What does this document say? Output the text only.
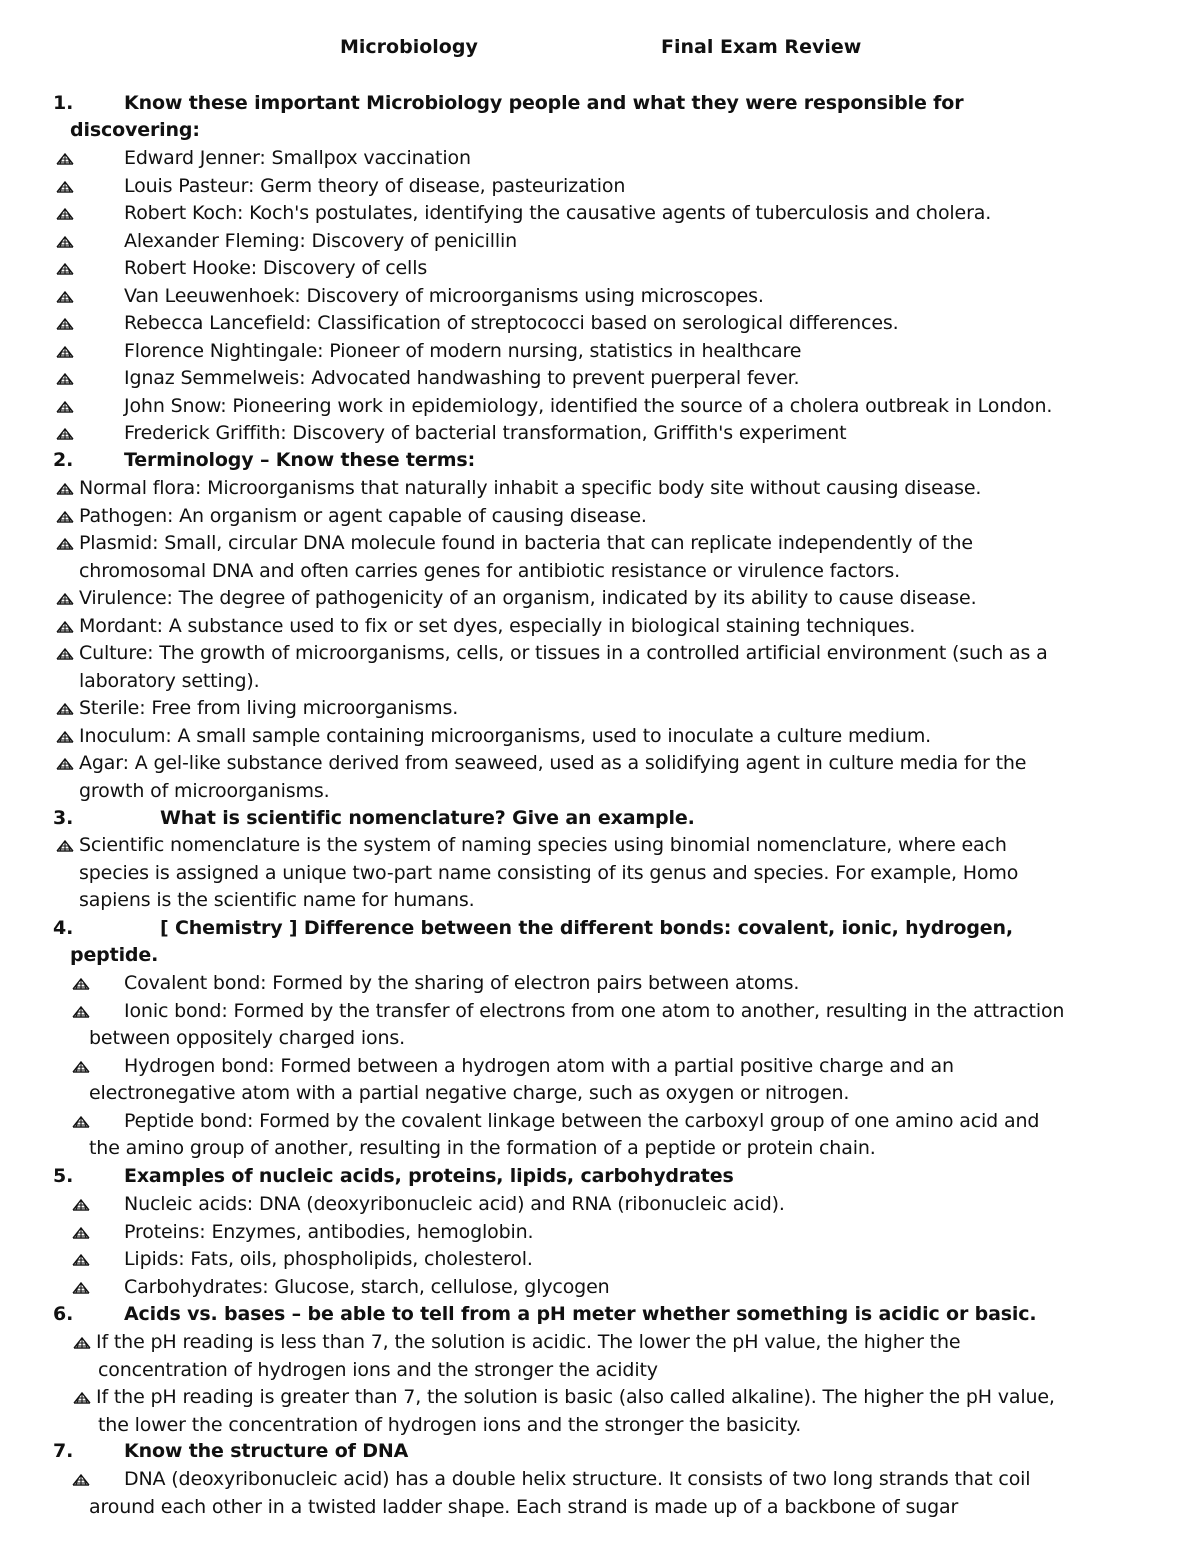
Microbiology	Final Exam Review
1.	Know these important Microbiology people and what they were responsible for
discovering:
Edward Jenner: Smallpox vaccination
Louis Pasteur: Germ theory of disease, pasteurization
Robert Koch: Koch's postulates, identifying the causative agents of tuberculosis and cholera.
Alexander Fleming: Discovery of penicillin
Robert Hooke: Discovery of cells
Van Leeuwenhoek: Discovery of microorganisms using microscopes.
Rebecca Lancefield: Classification of streptococci based on serological differences.
Florence Nightingale: Pioneer of modern nursing, statistics in healthcare
Ignaz Semmelweis: Advocated handwashing to prevent puerperal fever.
John Snow: Pioneering work in epidemiology, identified the source of a cholera outbreak in London.
Frederick Griffith: Discovery of bacterial transformation, Griffith's experiment
2.	Terminology – Know these terms:
Normal flora: Microorganisms that naturally inhabit a specific body site without causing disease.
Pathogen: An organism or agent capable of causing disease.
Plasmid: Small, circular DNA molecule found in bacteria that can replicate independently of the
chromosomal DNA and often carries genes for antibiotic resistance or virulence factors.
Virulence: The degree of pathogenicity of an organism, indicated by its ability to cause disease.
Mordant: A substance used to fix or set dyes, especially in biological staining techniques.
Culture: The growth of microorganisms, cells, or tissues in a controlled artificial environment (such as a
laboratory setting).
Sterile: Free from living microorganisms.
Inoculum: A small sample containing microorganisms, used to inoculate a culture medium.
Agar: A gel-like substance derived from seaweed, used as a solidifying agent in culture media for the
growth of microorganisms.
3.	What is scientific nomenclature? Give an example.
Scientific nomenclature is the system of naming species using binomial nomenclature, where each
species is assigned a unique two-part name consisting of its genus and species. For example, Homo
sapiens is the scientific name for humans.
4.	[ Chemistry ] Difference between the different bonds: covalent, ionic, hydrogen,
peptide.
Covalent bond: Formed by the sharing of electron pairs between atoms.
Ionic bond: Formed by the transfer of electrons from one atom to another, resulting in the attraction
between oppositely charged ions.
Hydrogen bond: Formed between a hydrogen atom with a partial positive charge and an
electronegative atom with a partial negative charge, such as oxygen or nitrogen.
Peptide bond: Formed by the covalent linkage between the carboxyl group of one amino acid and
the amino group of another, resulting in the formation of a peptide or protein chain.
5.	Examples of nucleic acids, proteins, lipids, carbohydrates
Nucleic acids: DNA (deoxyribonucleic acid) and RNA (ribonucleic acid).
Proteins: Enzymes, antibodies, hemoglobin.
Lipids: Fats, oils, phospholipids, cholesterol.
Carbohydrates: Glucose, starch, cellulose, glycogen
6.	Acids vs. bases – be able to tell from a pH meter whether something is acidic or basic.
If the pH reading is less than 7, the solution is acidic. The lower the pH value, the higher the
concentration of hydrogen ions and the stronger the acidity
If the pH reading is greater than 7, the solution is basic (also called alkaline). The higher the pH value,
the lower the concentration of hydrogen ions and the stronger the basicity.
7.	Know the structure of DNA
DNA (deoxyribonucleic acid) has a double helix structure. It consists of two long strands that coil
around each other in a twisted ladder shape. Each strand is made up of a backbone of sugar
